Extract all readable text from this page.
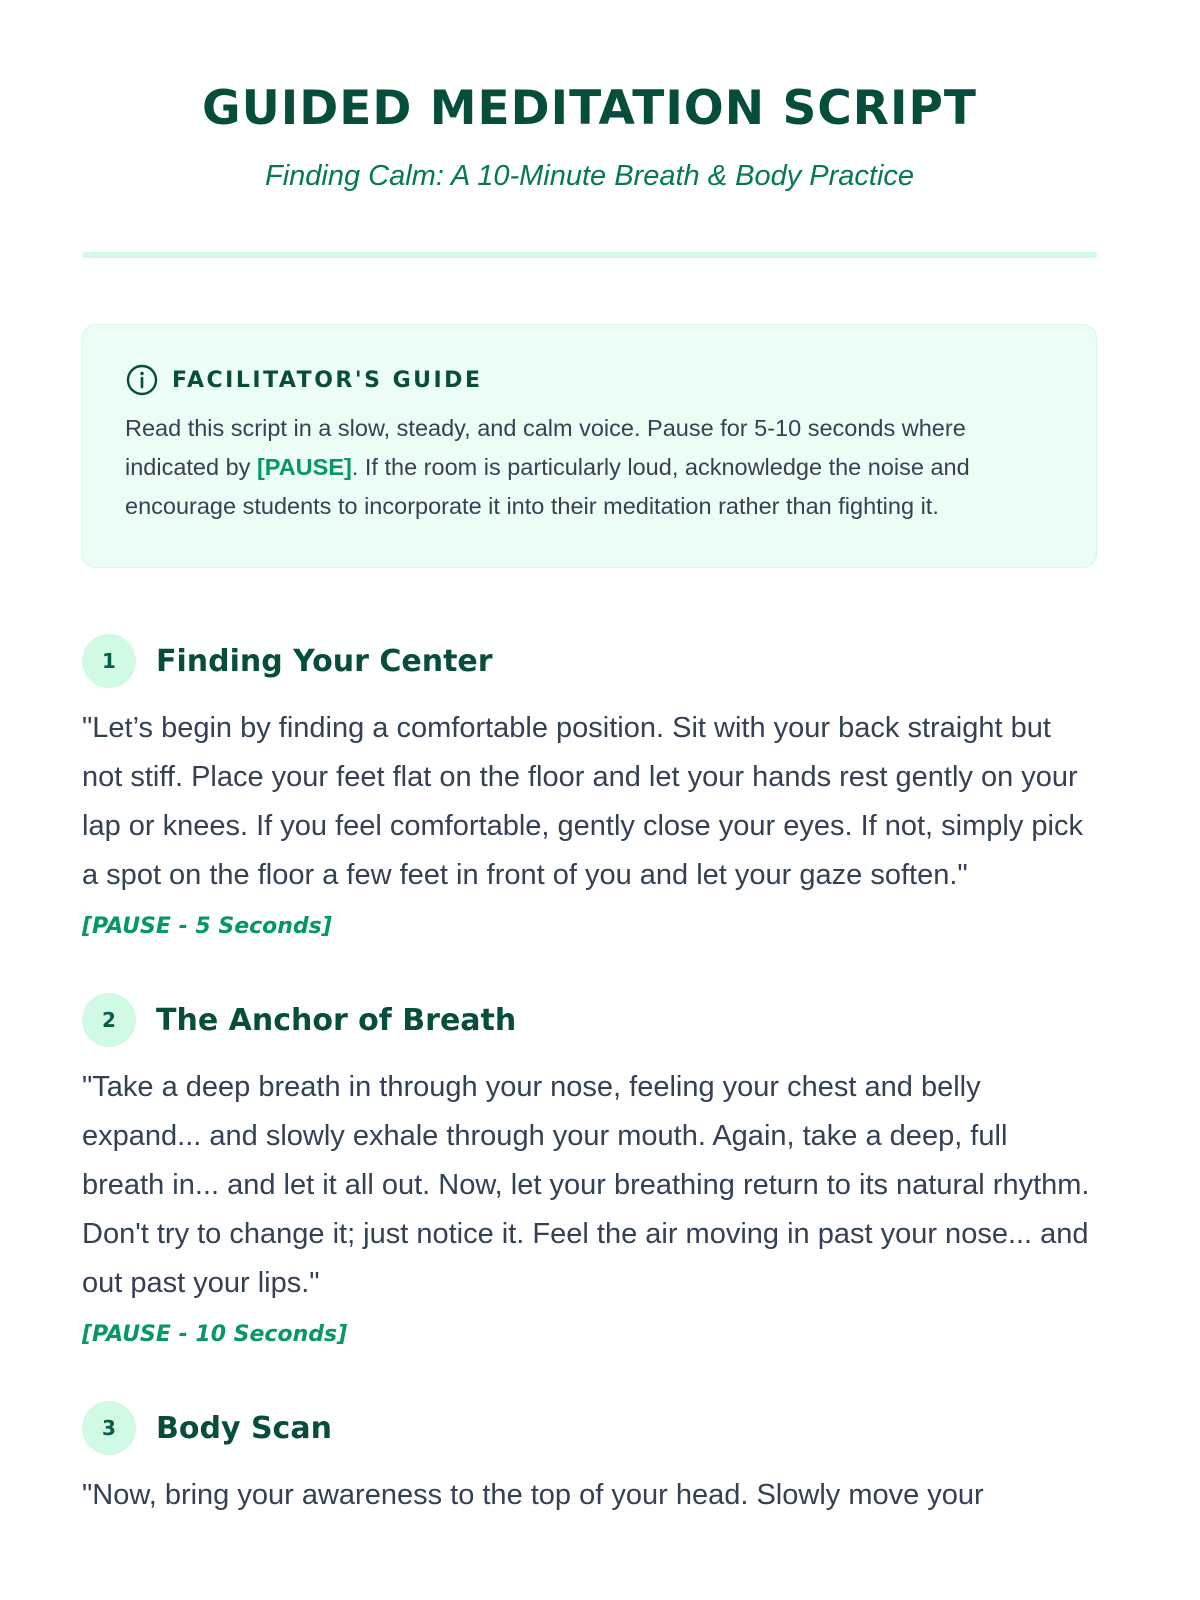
GUIDED MEDITATION SCRIPT

Finding Calm: A 10-Minute Breath & Body Practice

FACILITATOR'S GUIDE
Read this script in a slow, steady, and calm voice. Pause for 5-10 seconds where indicated by [PAUSE]. If the room is particularly loud, acknowledge the noise and encourage students to incorporate it into their meditation rather than fighting it.
1	Finding Your Center

"Let’s begin by finding a comfortable position. Sit with your back straight but not stiff. Place your feet flat on the floor and let your hands rest gently on your lap or knees. If you feel comfortable, gently close your eyes. If not, simply pick a spot on the floor a few feet in front of you and let your gaze soften."

[PAUSE - 5 Seconds]
2	The Anchor of Breath

"Take a deep breath in through your nose, feeling your chest and belly expand... and slowly exhale through your mouth. Again, take a deep, full breath in... and let it all out. Now, let your breathing return to its natural rhythm. Don't try to change it; just notice it. Feel the air moving in past your nose... and out past your lips."

[PAUSE - 10 Seconds]
3	Body Scan

"Now, bring your awareness to the top of your head. Slowly move your
